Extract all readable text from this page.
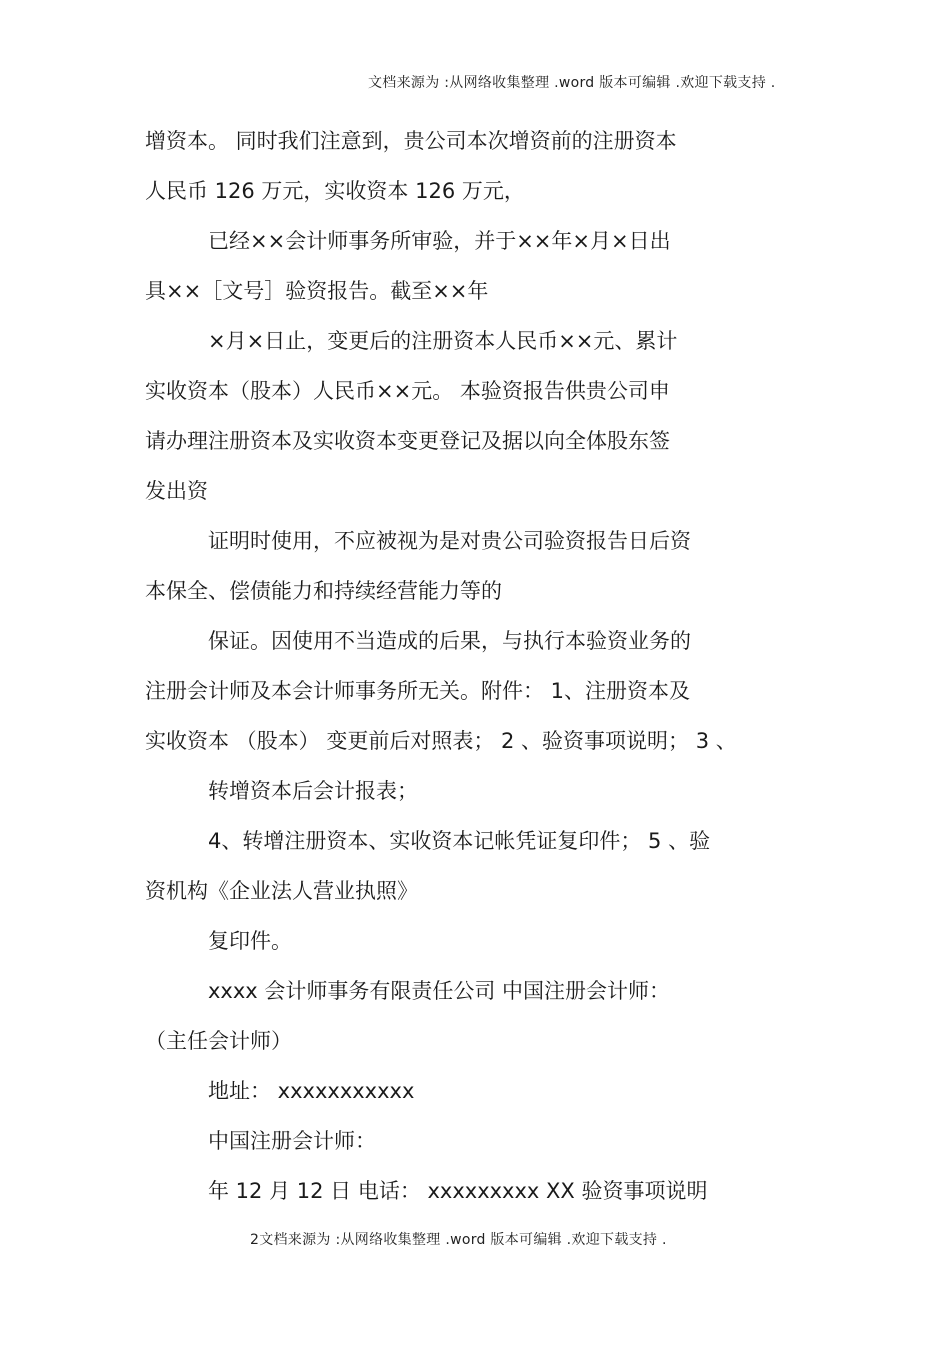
文档来源为 :从网络收集整理 .word 版本可编辑 .欢迎下载支持 .
增资本。 同时我们注意到，贵公司本次增资前的注册资本
人民币 126 万元，实收资本 126 万元，
已经××会计师事务所审验，并于××年×月×日出
具××［文号］验资报告。截至××年
×月×日止，变更后的注册资本人民币××元、累计
实收资本（股本）人民币××元。 本验资报告供贵公司申
请办理注册资本及实收资本变更登记及据以向全体股东签
发出资
证明时使用，不应被视为是对贵公司验资报告日后资
本保全、偿债能力和持续经营能力等的
保证。因使用不当造成的后果，与执行本验资业务的
注册会计师及本会计师事务所无关。附件： 1、注册资本及
实收资本 （股本） 变更前后对照表； 2 、验资事项说明； 3 、
转增资本后会计报表；
4、转增注册资本、实收资本记帐凭证复印件； 5 、验
资机构《企业法人营业执照》
复印件。
xxxx 会计师事务有限责任公司 中国注册会计师：
（主任会计师）
地址： xxxxxxxxxxx
中国注册会计师：
年 12 月 12 日 电话： xxxxxxxxx XX 验资事项说明
2文档来源为 :从网络收集整理 .word 版本可编辑 .欢迎下载支持 .
